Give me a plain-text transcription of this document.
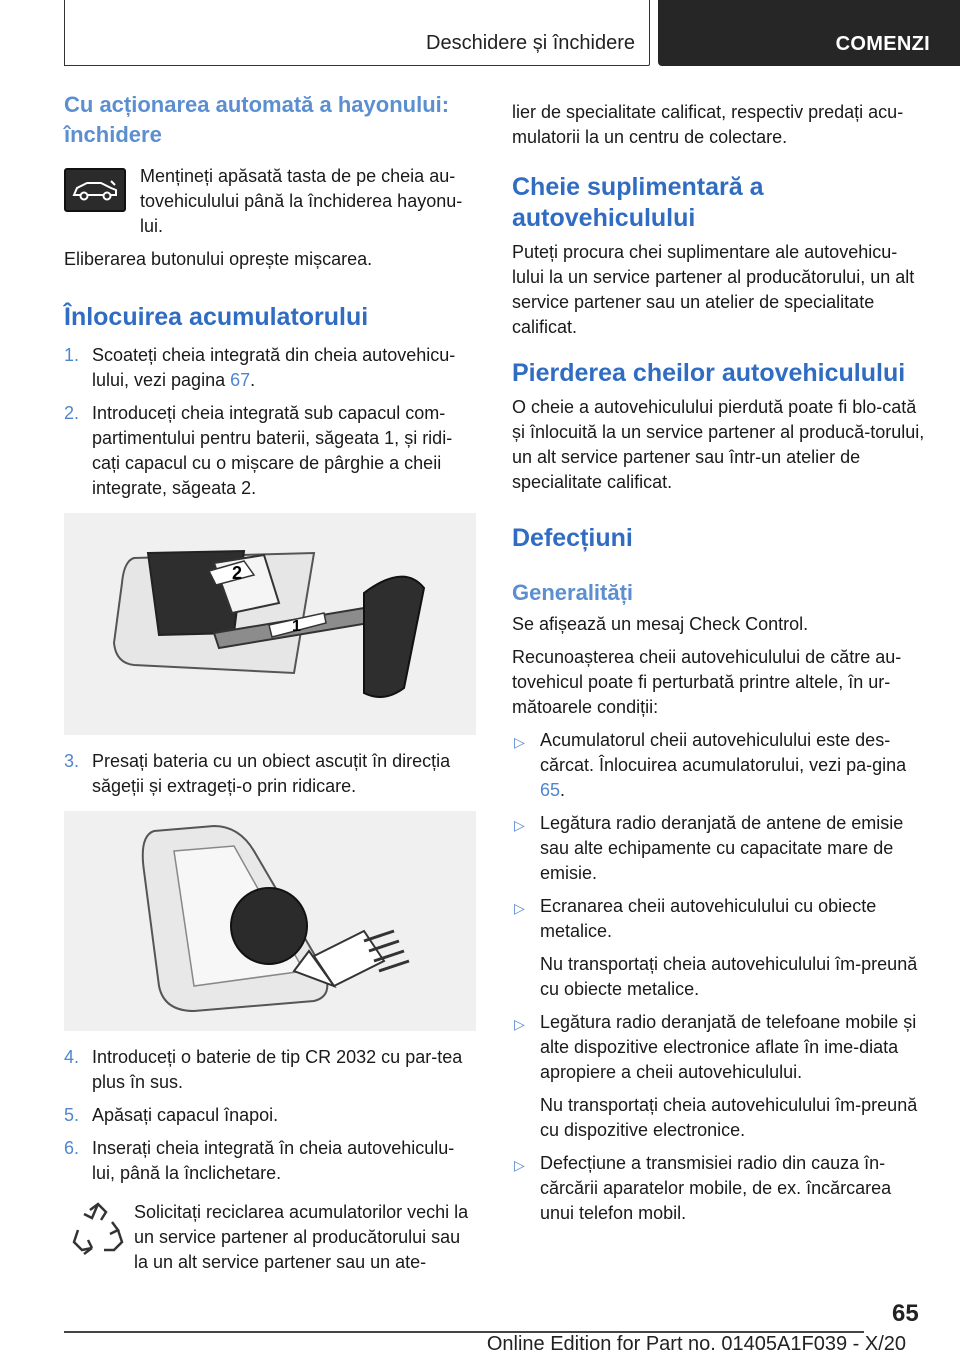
Deschidere și închidere	COMENZI
Cu acționarea automată a hayonului: închidere
Mențineți apăsată tasta de pe cheia au-tovehiculului până la închiderea hayonu-lui.

Eliberarea butonului oprește mișcarea.

Înlocuirea acumulatorului
1. Scoateți cheia integrată din cheia autovehicu-lului, vezi pagina 67.
2. Introduceți cheia integrată sub capacul com-partimentului pentru baterii, săgeata 1, și ridi-cați capacul cu o mișcare de pârghie a cheii integrate, săgeata 2.
2
1
3. Presați bateria cu un obiect ascuțit în direcția săgeții și extrageți-o prin ridicare.
4. Introduceți o baterie de tip CR 2032 cu par-tea plus în sus.
5. Apăsați capacul înapoi.
6. Inserați cheia integrată în cheia autovehiculu-lui, până la înclichetare.
Solicitați reciclarea acumulatorilor vechi la un service partener al producătorului sau la un alt service partener sau un ate-

lier de specialitate calificat, respectiv predați acu-mulatorii la un centru de colectare.

Cheie suplimentară a autovehiculului

Puteți procura chei suplimentare ale autovehicu-lului la un service partener al producătorului, un alt service partener sau un atelier de specialitate calificat.

Pierderea cheilor autovehiculului

O cheie a autovehiculului pierdută poate fi blo-cată și înlocuită la un service partener al producă-torului, un alt service partener sau într-un atelier de specialitate calificat.

Defecțiuni
Generalități

Se afișează un mesaj Check Control.

Recunoașterea cheii autovehiculului de către au-tovehicul poate fi perturbată printre altele, în ur-mătoarele condiții:

▷ Acumulatorul cheii autovehiculului este des-cărcat. Înlocuirea acumulatorului, vezi pa-gina 65.
▷ Legătura radio deranjată de antene de emisie sau alte echipamente cu capacitate mare de emisie.
▷ Ecranarea cheii autovehiculului cu obiecte metalice.
Nu transportați cheia autovehiculului îm-preună cu obiecte metalice.
▷ Legătura radio deranjată de telefoane mobile și alte dispozitive electronice aflate în ime-diata apropiere a cheii autovehiculului.
Nu transportați cheia autovehiculului îm-preună cu dispozitive electronice.
▷ Defecțiune a transmisiei radio din cauza în-cărcării aparatelor mobile, de ex. încărcarea unui telefon mobil.
65
Online Edition for Part no. 01405A1F039 - X/20
